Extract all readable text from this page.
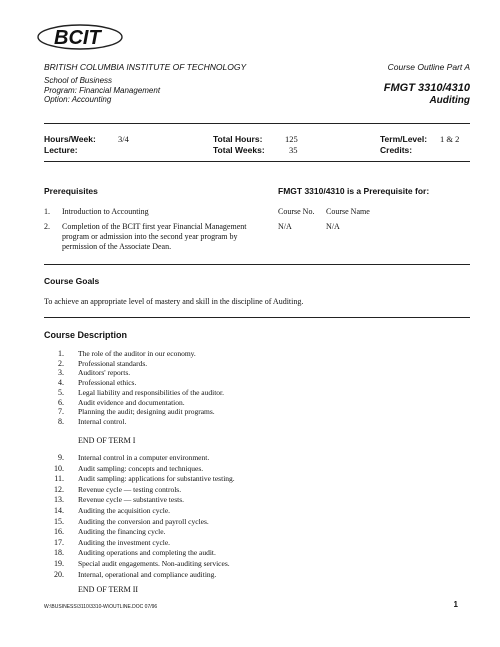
BCIT
BRITISH COLUMBIA INSTITUTE OF TECHNOLOGY	Course Outline Part A
School of Business
Program: Financial Management
Option: Accounting
FMGT 3310/4310
Auditing
Hours/Week:	3/4
Lecture:
Total Hours:	125
Total Weeks:	35
Term/Level: 1 & 2
Credits:
Prerequisites	FMGT 3310/4310 is a Prerequisite for:
1. Introduction to Accounting	Course No. Course Name
2. Completion of the BCIT first year Financial Management
program or admission into the second year program by
permission of the Associate Dean.
N/A	N/A
Course Goals
To achieve an appropriate level of mastery and skill in the discipline of Auditing.
Course Description
1. The role of the auditor in our economy.
2. Professional standards.
3. Auditors' reports.
4. Professional ethics.
5. Legal liability and responsibilities of the auditor.
6. Audit evidence and documentation.
7. Planning the audit; designing audit programs.
8. Internal control.
END OF TERM I
9. Internal control in a computer environment.
10. Audit sampling: concepts and techniques.
11. Audit sampling: applications for substantive testing.
12. Revenue cycle — testing controls.
13. Revenue cycle — substantive tests.
14. Auditing the acquisition cycle.
15. Auditing the conversion and payroll cycles.
16. Auditing the financing cycle.
17. Auditing the investment cycle.
18. Auditing operations and completing the audit.
19. Special audit engagements. Non-auditing services.
20. Internal, operational and compliance auditing.
END OF TERM II
W:\BUSINESS\3110\3310-W\OUTLINE.DOC 07/96	1
